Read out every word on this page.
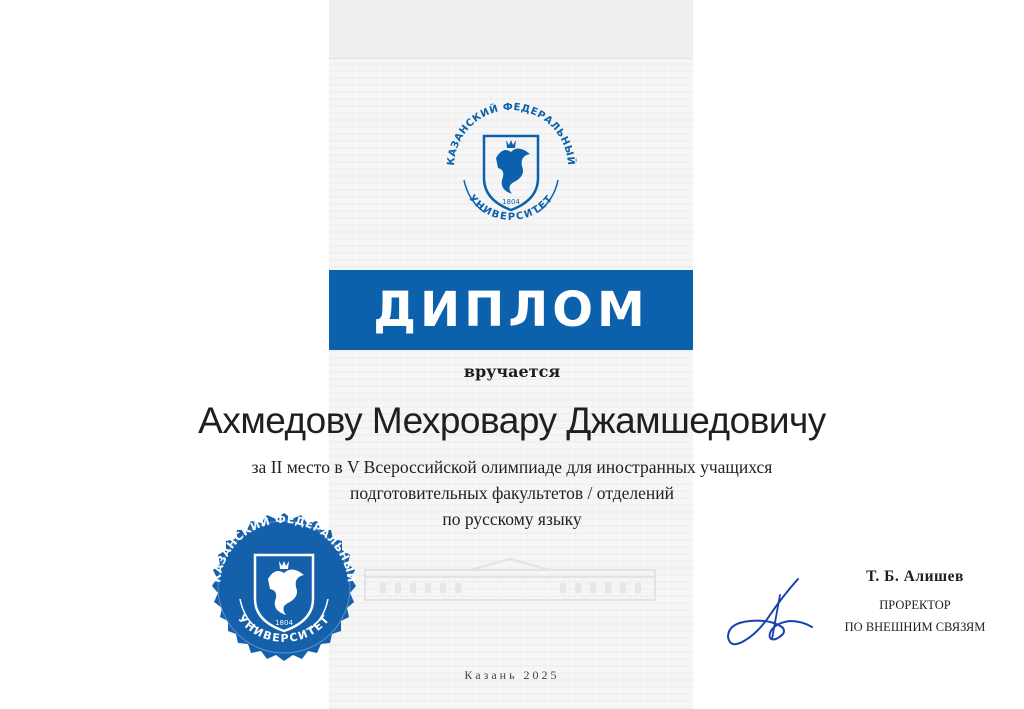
КАЗАНСКИЙ ФЕДЕРАЛЬНЫЙ
УНИВЕРСИТЕТ
1804
ДИПЛОМ
вручается
Ахмедову Мехровару Джамшедовичу
за II место в V Всероссийской олимпиаде для иностранных учащихся
подготовительных факультетов / отделений
по русскому языку
КАЗАНСКИЙ ФЕДЕРАЛЬНЫЙ
УНИВЕРСИТЕТ
1804
Казань 2025
Т. Б. Алишев
ПРОРЕКТОР
ПО ВНЕШНИМ СВЯЗЯМ
